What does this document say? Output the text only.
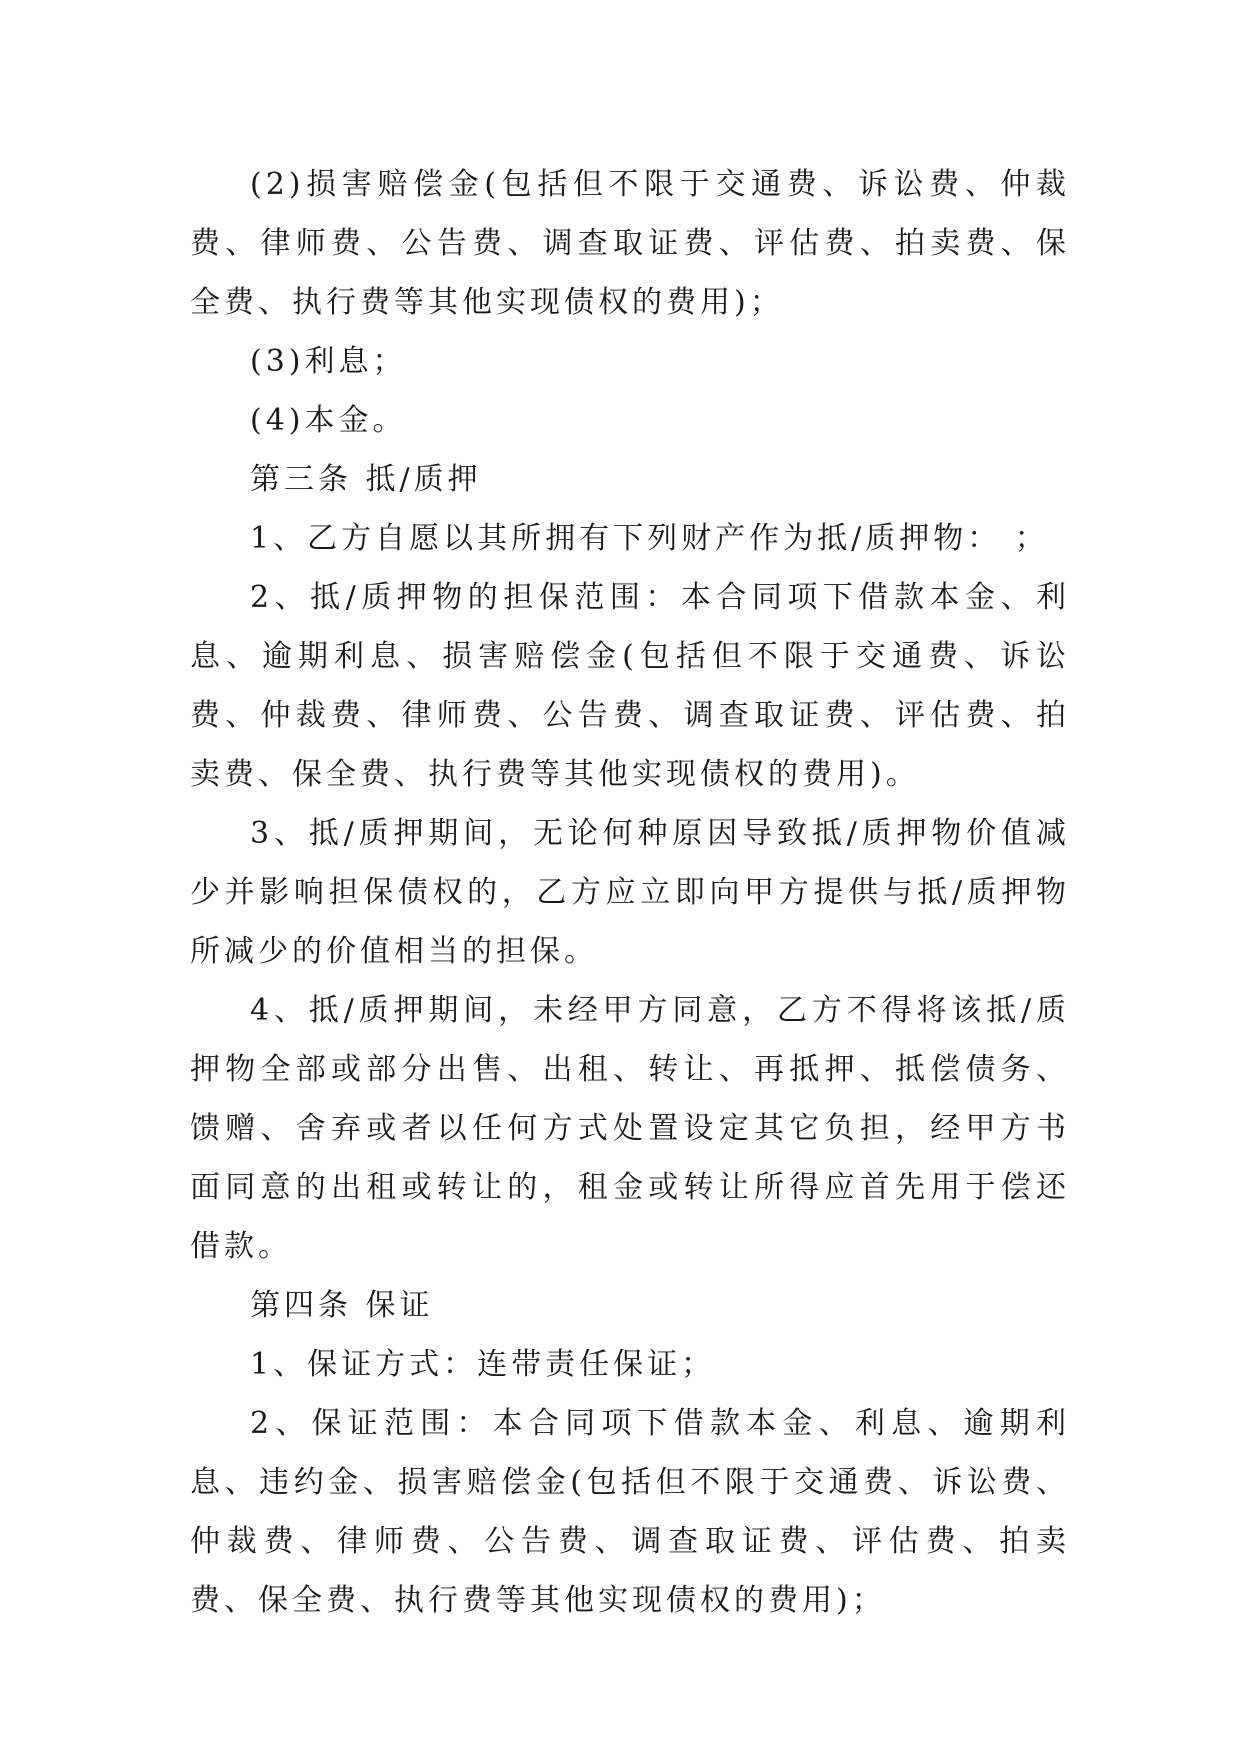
(2)损害赔偿金(包括但不限于交通费、诉讼费、仲裁费、律师费、公告费、调查取证费、评估费、拍卖费、保全费、执行费等其他实现债权的费用)；

(3)利息；

(4)本金。

第三条 抵/质押

1、乙方自愿以其所拥有下列财产作为抵/质押物： ；

2、抵/质押物的担保范围：本合同项下借款本金、利息、逾期利息、损害赔偿金(包括但不限于交通费、诉讼费、仲裁费、律师费、公告费、调查取证费、评估费、拍卖费、保全费、执行费等其他实现债权的费用)。

3、抵/质押期间，无论何种原因导致抵/质押物价值减少并影响担保债权的，乙方应立即向甲方提供与抵/质押物所减少的价值相当的担保。

4、抵/质押期间，未经甲方同意，乙方不得将该抵/质押物全部或部分出售、出租、转让、再抵押、抵偿债务、馈赠、舍弃或者以任何方式处置设定其它负担，经甲方书面同意的出租或转让的，租金或转让所得应首先用于偿还借款。

第四条 保证

1、保证方式：连带责任保证；

2、保证范围：本合同项下借款本金、利息、逾期利息、违约金、损害赔偿金(包括但不限于交通费、诉讼费、仲裁费、律师费、公告费、调查取证费、评估费、拍卖费、保全费、执行费等其他实现债权的费用)；
